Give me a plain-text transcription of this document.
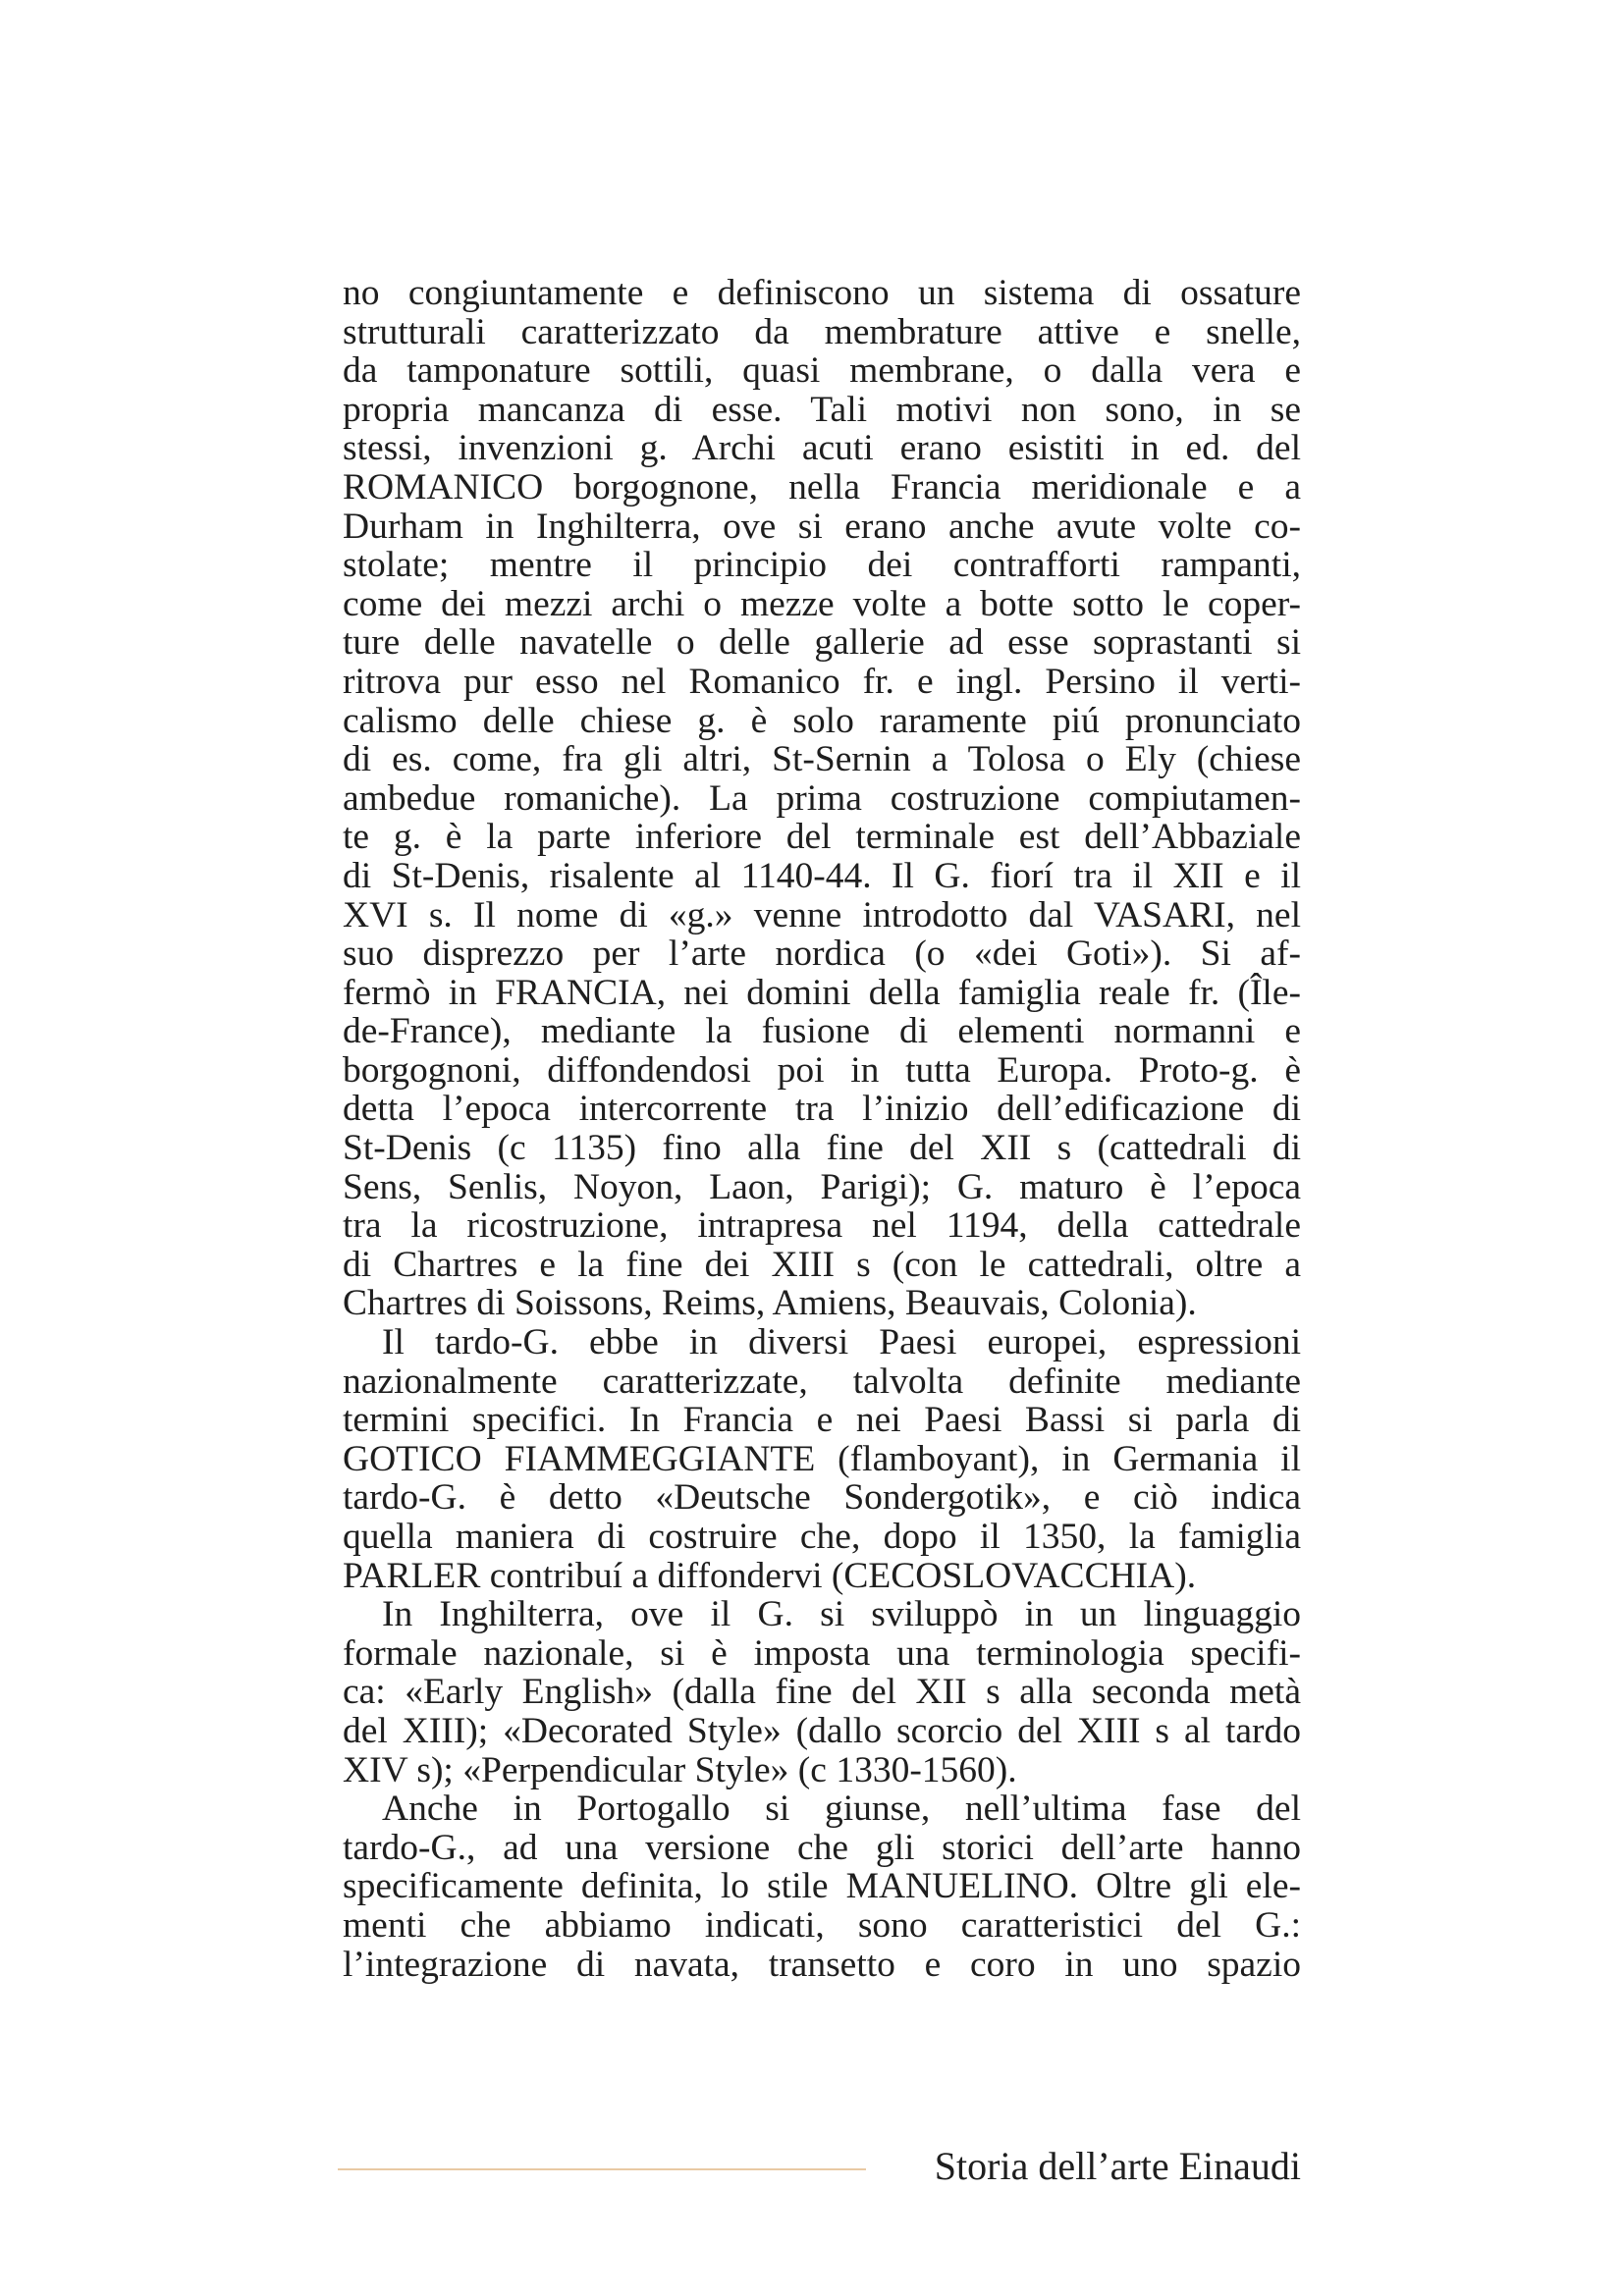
no congiuntamente e definiscono un sistema di ossature
strutturali caratterizzato da membrature attive e snelle,
da tamponature sottili, quasi membrane, o dalla vera e
propria mancanza di esse. Tali motivi non sono, in se
stessi, invenzioni g. Archi acuti erano esistiti in ed. del
ROMANICO borgognone, nella Francia meridionale e a
Durham in Inghilterra, ove si erano anche avute volte co-
stolate; mentre il principio dei contrafforti rampanti,
come dei mezzi archi o mezze volte a botte sotto le coper-
ture delle navatelle o delle gallerie ad esse soprastanti si
ritrova pur esso nel Romanico fr. e ingl. Persino il verti-
calismo delle chiese g. è solo raramente piú pronunciato
di es. come, fra gli altri, St-Sernin a Tolosa o Ely (chiese
ambedue romaniche). La prima costruzione compiutamen-
te g. è la parte inferiore del terminale est dell’Abbaziale
di St-Denis, risalente al 1140-44. Il G. fiorí tra il XII e il
XVI s. Il nome di «g.» venne introdotto dal VASARI, nel
suo disprezzo per l’arte nordica (o «dei Goti»). Si af-
fermò in FRANCIA, nei domini della famiglia reale fr. (Île-
de-France), mediante la fusione di elementi normanni e
borgognoni, diffondendosi poi in tutta Europa. Proto-g. è
detta l’epoca intercorrente tra l’inizio dell’edificazione di
St-Denis (c 1135) fino alla fine del XII s (cattedrali di
Sens, Senlis, Noyon, Laon, Parigi); G. maturo è l’epoca
tra la ricostruzione, intrapresa nel 1194, della cattedrale
di Chartres e la fine dei XIII s (con le cattedrali, oltre a
Chartres di Soissons, Reims, Amiens, Beauvais, Colonia).
Il tardo-G. ebbe in diversi Paesi europei, espressioni
nazionalmente caratterizzate, talvolta definite mediante
termini specifici. In Francia e nei Paesi Bassi si parla di
GOTICO FIAMMEGGIANTE (flamboyant), in Germania il
tardo-G. è detto «Deutsche Sondergotik», e ciò indica
quella maniera di costruire che, dopo il 1350, la famiglia
PARLER contribuí a diffondervi (CECOSLOVACCHIA).
In Inghilterra, ove il G. si sviluppò in un linguaggio
formale nazionale, si è imposta una terminologia specifi-
ca: «Early English» (dalla fine del XII s alla seconda metà
del XIII); «Decorated Style» (dallo scorcio del XIII s al tardo
XIV s); «Perpendicular Style» (c 1330-1560).
Anche in Portogallo si giunse, nell’ultima fase del
tardo-G., ad una versione che gli storici dell’arte hanno
specificamente definita, lo stile MANUELINO. Oltre gli ele-
menti che abbiamo indicati, sono caratteristici del G.:
l’integrazione di navata, transetto e coro in uno spazio
Storia dell’arte Einaudi
